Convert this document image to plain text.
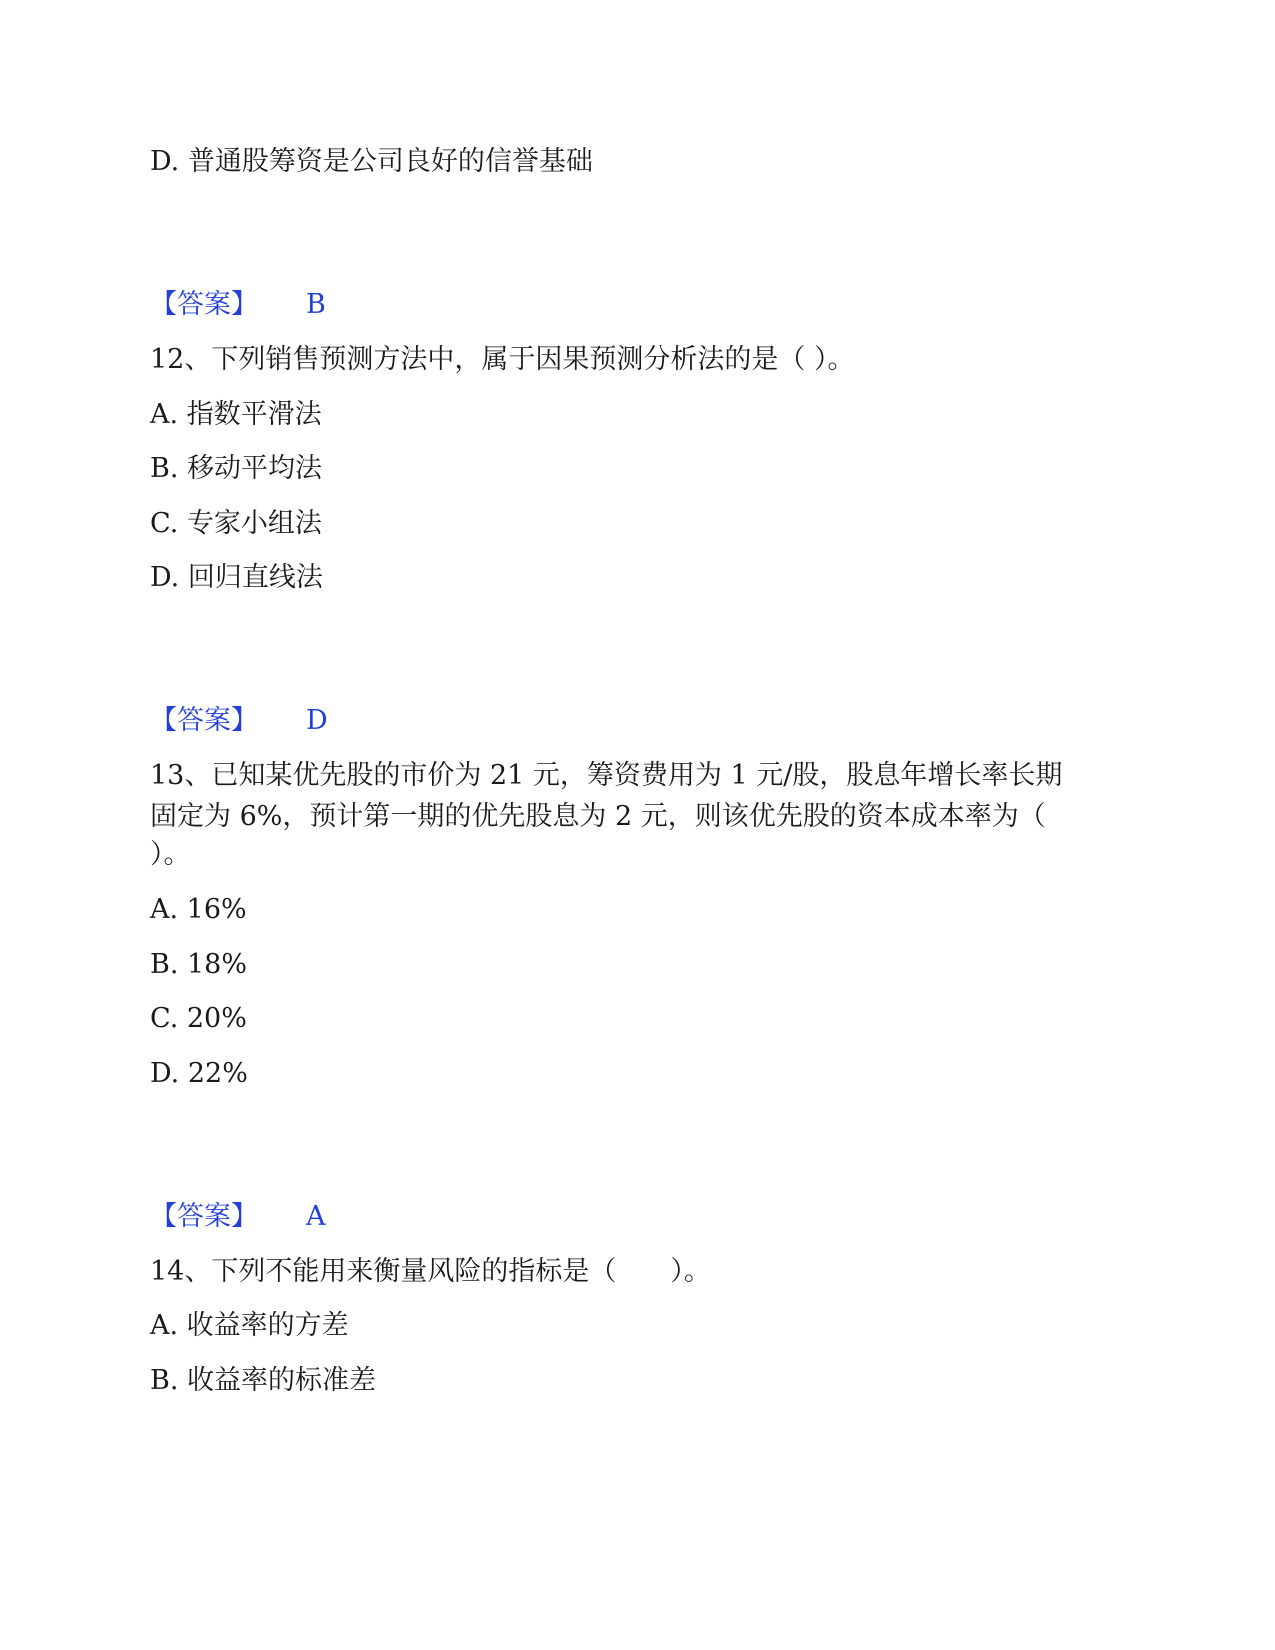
D. 普通股筹资是公司良好的信誉基础
【答案】 B
12、下列销售预测方法中，属于因果预测分析法的是（ ）。
A. 指数平滑法
B. 移动平均法
C. 专家小组法
D. 回归直线法
【答案】 D
13、已知某优先股的市价为 21 元，筹资费用为 1 元/股，股息年增长率长期
固定为 6%，预计第一期的优先股息为 2 元，则该优先股的资本成本率为（
）。
A. 16%
B. 18%
C. 20%
D. 22%
【答案】 A
14、下列不能用来衡量风险的指标是（　　）。
A. 收益率的方差
B. 收益率的标准差
